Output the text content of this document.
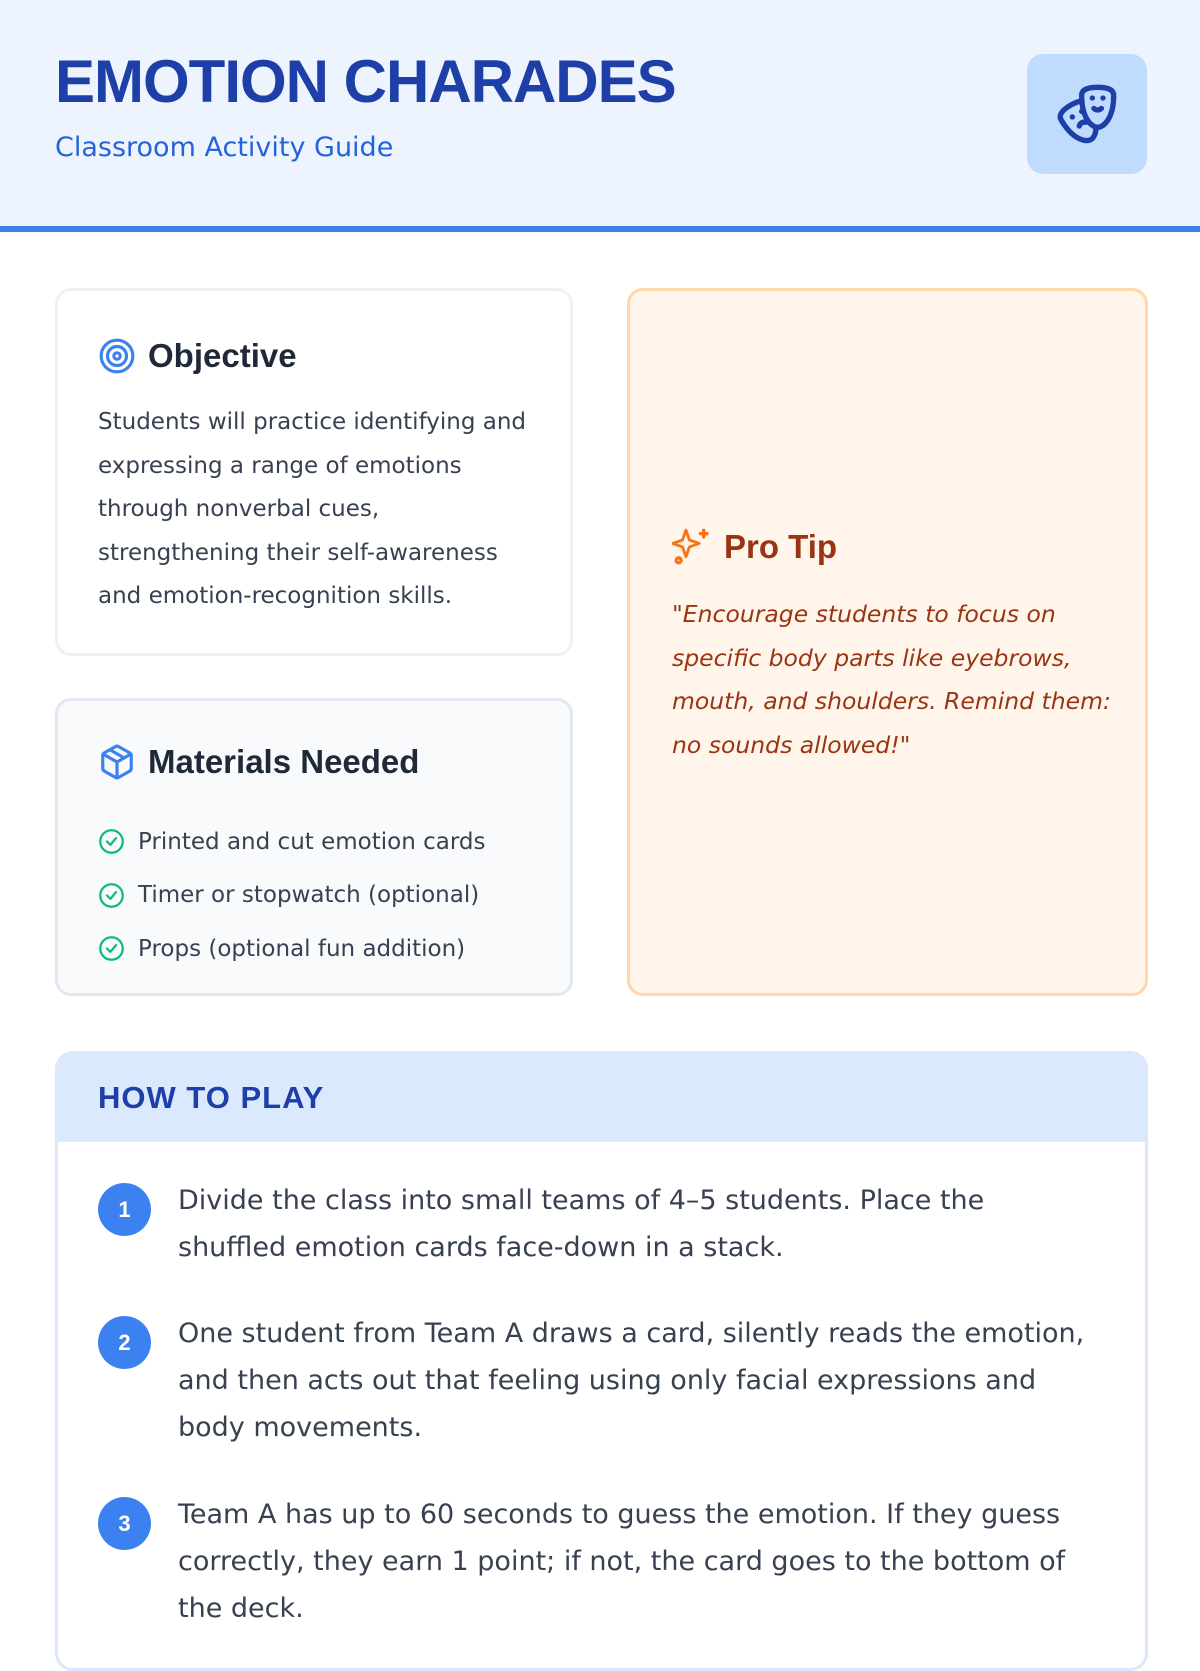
EMOTION CHARADES

Classroom Activity Guide

Objective

Students will practice identifying and expressing a range of emotions through nonverbal cues, strengthening their self-awareness and emotion-recognition skills.

Materials Needed
Printed and cut emotion cards
Timer or stopwatch (optional)
Props (optional fun addition)
Pro Tip

"Encourage students to focus on specific body parts like eyebrows, mouth, and shoulders. Remind them: no sounds allowed!"

HOW TO PLAY
1	Divide the class into small teams of 4–5 students. Place the shuffled emotion cards face-down in a stack.

2	One student from Team A draws a card, silently reads the emotion, and then acts out that feeling using only facial expressions and body movements.

3	Team A has up to 60 seconds to guess the emotion. If they guess correctly, they earn 1 point; if not, the card goes to the bottom of the deck.
